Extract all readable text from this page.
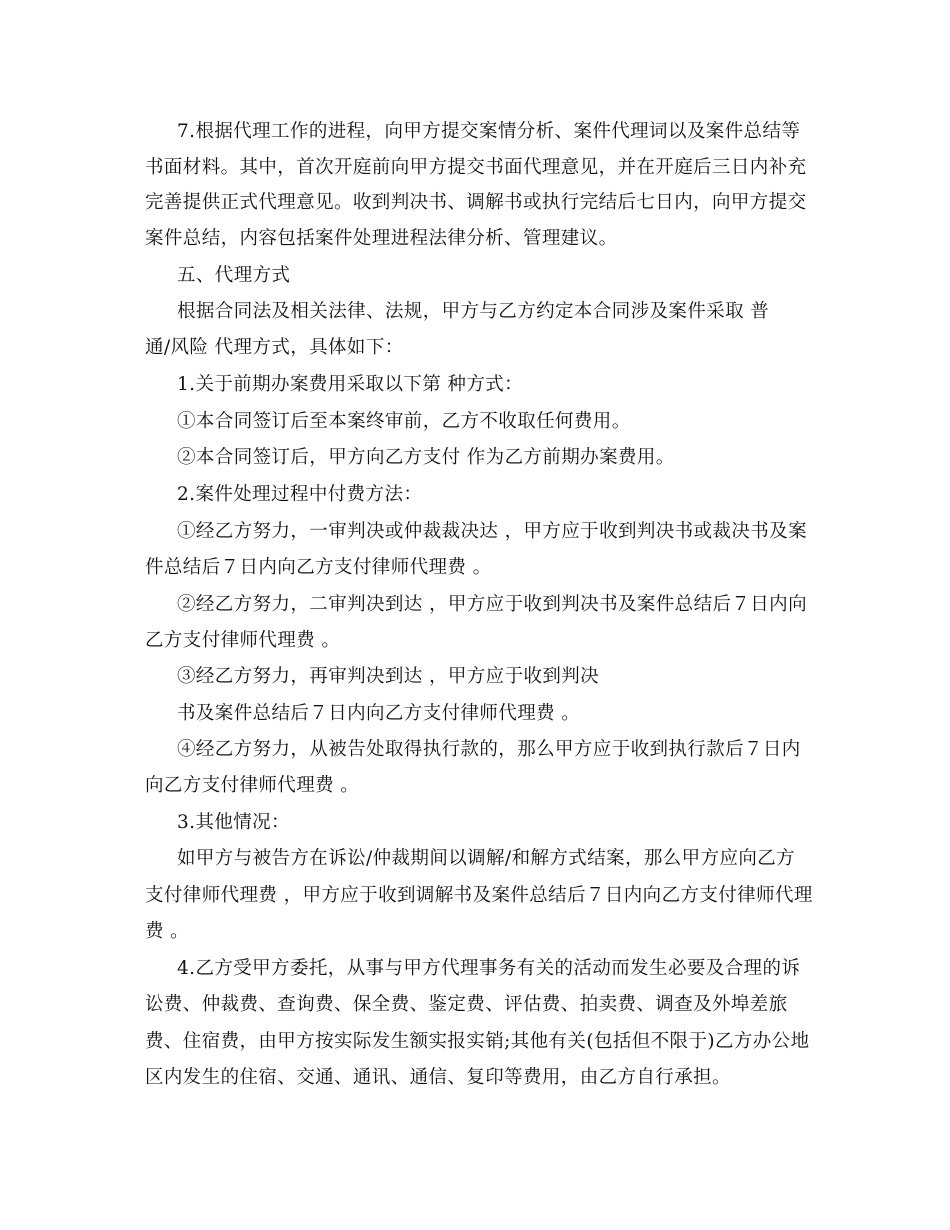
7.根据代理工作的进程，向甲方提交案情分析、案件代理词以及案件总结等
书面材料。其中，首次开庭前向甲方提交书面代理意见，并在开庭后三日内补充
完善提供正式代理意见。收到判决书、调解书或执行完结后七日内，向甲方提交
案件总结，内容包括案件处理进程法律分析、管理建议。
五、代理方式
根据合同法及相关法律、法规，甲方与乙方约定本合同涉及案件采取 普
通/风险 代理方式，具体如下：
1.关于前期办案费用采取以下第 种方式：
①本合同签订后至本案终审前，乙方不收取任何费用。
②本合同签订后，甲方向乙方支付 作为乙方前期办案费用。
2.案件处理过程中付费方法：
①经乙方努力，一审判决或仲裁裁决达 ，甲方应于收到判决书或裁决书及案
件总结后７日内向乙方支付律师代理费 。
②经乙方努力，二审判决到达 ，甲方应于收到判决书及案件总结后７日内向
乙方支付律师代理费 。
③经乙方努力，再审判决到达 ，甲方应于收到判决
书及案件总结后７日内向乙方支付律师代理费 。
④经乙方努力，从被告处取得执行款的，那么甲方应于收到执行款后７日内
向乙方支付律师代理费 。
3.其他情况：
如甲方与被告方在诉讼/仲裁期间以调解/和解方式结案，那么甲方应向乙方
支付律师代理费 ，甲方应于收到调解书及案件总结后７日内向乙方支付律师代理
费 。
4.乙方受甲方委托，从事与甲方代理事务有关的活动而发生必要及合理的诉
讼费、仲裁费、查询费、保全费、鉴定费、评估费、拍卖费、调查及外埠差旅
费、住宿费，由甲方按实际发生额实报实销;其他有关(包括但不限于)乙方办公地
区内发生的住宿、交通、通讯、通信、复印等费用，由乙方自行承担。
